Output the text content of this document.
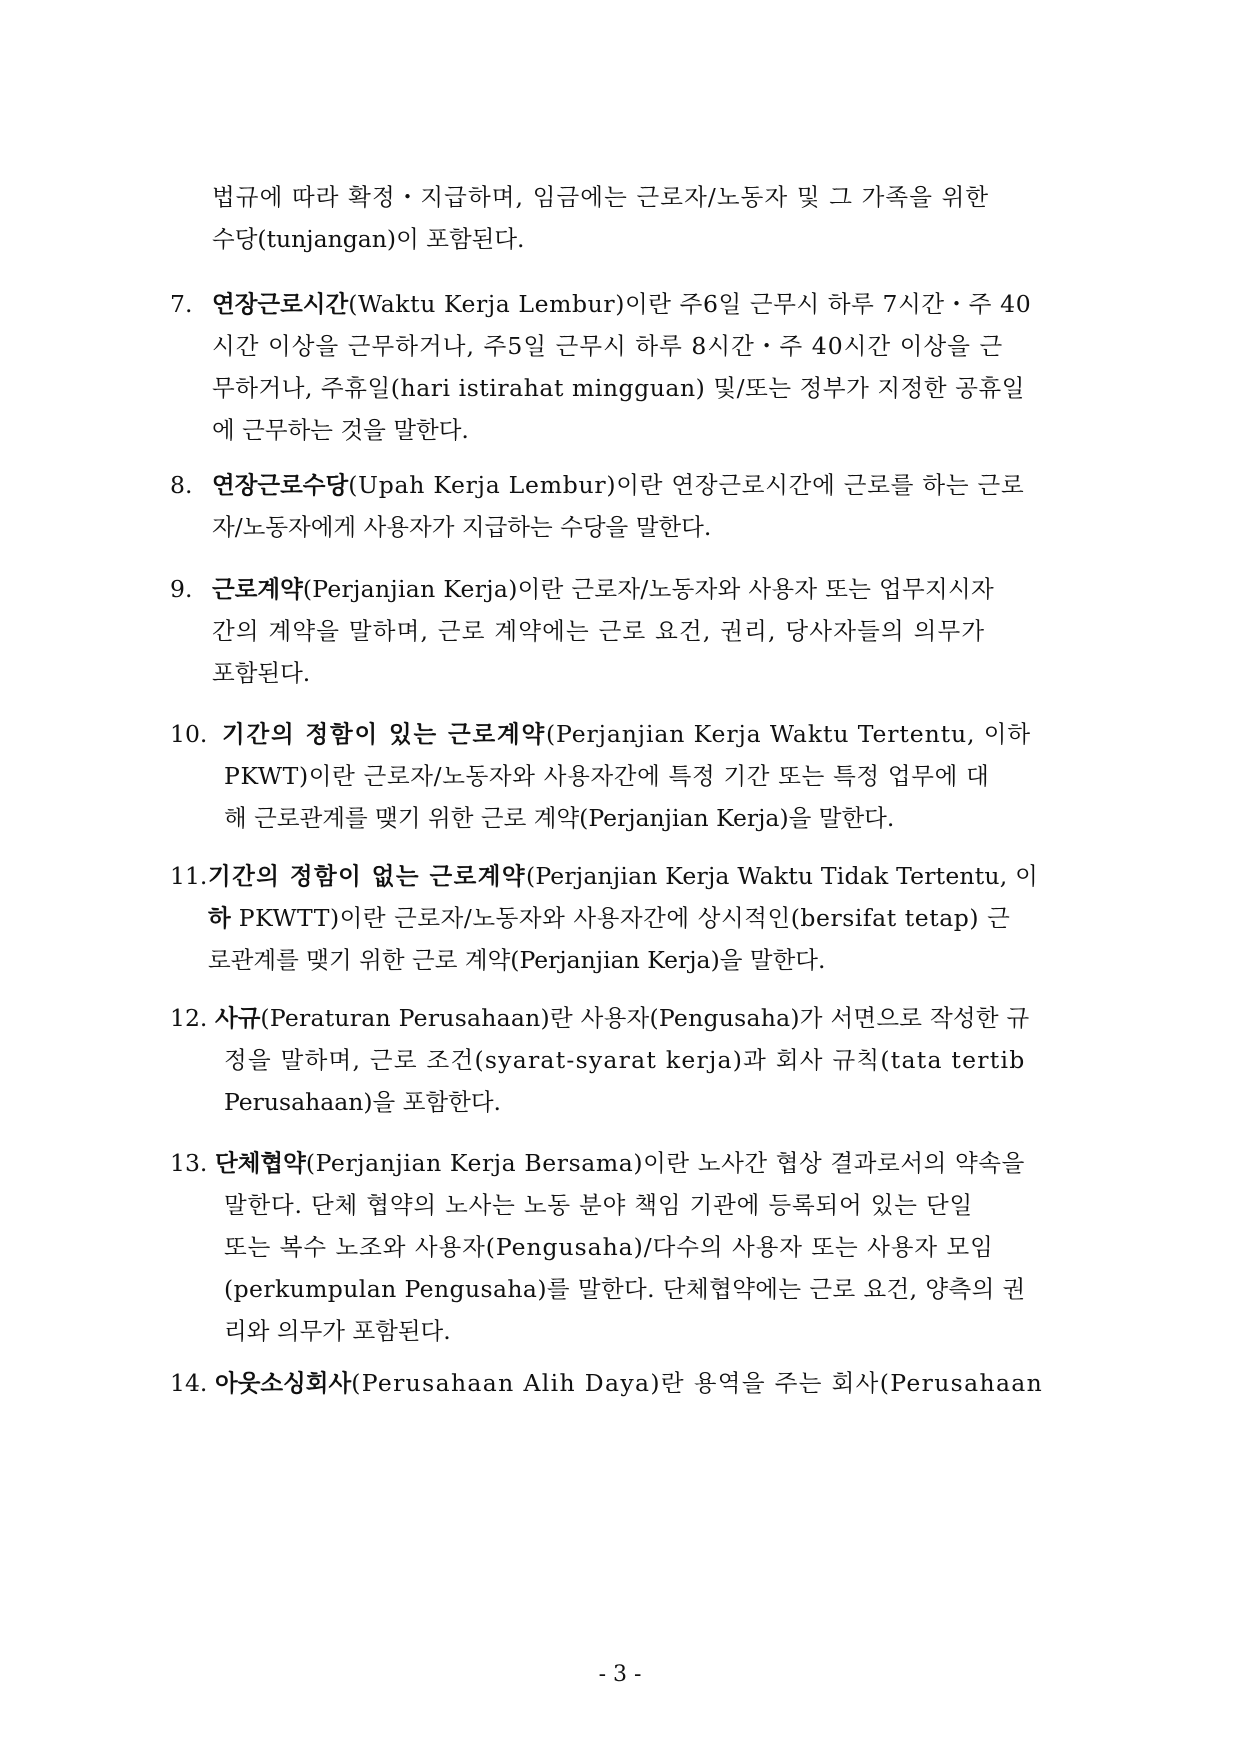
법규에 따라 확정・지급하며, 임금에는 근로자/노동자 및 그 가족을 위한
수당(tunjangan)이 포함된다.
7. 연장근로시간 (Waktu Kerja Lembur)이란 주6일 근무시 하루 7시간・주 40
시간 이상을 근무하거나, 주5일 근무시 하루 8시간・주 40시간 이상을 근
무하거나, 주휴일(hari istirahat mingguan) 및/또는 정부가 지정한 공휴일
에 근무하는 것을 말한다.
8. 연장근로수당 (Upah Kerja Lembur)이란 연장근로시간에 근로를 하는 근로
자/노동자에게 사용자가 지급하는 수당을 말한다.
9. 근로계약 (Perjanjian Kerja)이란 근로자/노동자와 사용자 또는 업무지시자
간의 계약을 말하며, 근로 계약에는 근로 요건, 권리, 당사자들의 의무가
포함된다.
10. 기간의 정함이 있는 근로계약 (Perjanjian Kerja Waktu Tertentu, 이하
PKWT)이란 근로자/노동자와 사용자간에 특정 기간 또는 특정 업무에 대
해 근로관계를 맺기 위한 근로 계약(Perjanjian Kerja)을 말한다.
11. 기간의 정함이 없는 근로계약 (Perjanjian Kerja Waktu Tidak Tertentu, 이
하 PKWTT)이란 근로자/노동자와 사용자간에 상시적인(bersifat tetap) 근
로관계를 맺기 위한 근로 계약(Perjanjian Kerja)을 말한다.
12. 사규 (Peraturan Perusahaan)란 사용자(Pengusaha)가 서면으로 작성한 규
정을 말하며, 근로 조건(syarat-syarat kerja)과 회사 규칙(tata tertib
Perusahaan)을 포함한다.
13. 단체협약 (Perjanjian Kerja Bersama)이란 노사간 협상 결과로서의 약속을
말한다. 단체 협약의 노사는 노동 분야 책임 기관에 등록되어 있는 단일
또는 복수 노조와 사용자(Pengusaha)/다수의 사용자 또는 사용자 모임
(perkumpulan Pengusaha)를 말한다. 단체협약에는 근로 요건, 양측의 권
리와 의무가 포함된다.
14. 아웃소싱회사 (Perusahaan Alih Daya)란 용역을 주는 회사(Perusahaan
- 3 -
